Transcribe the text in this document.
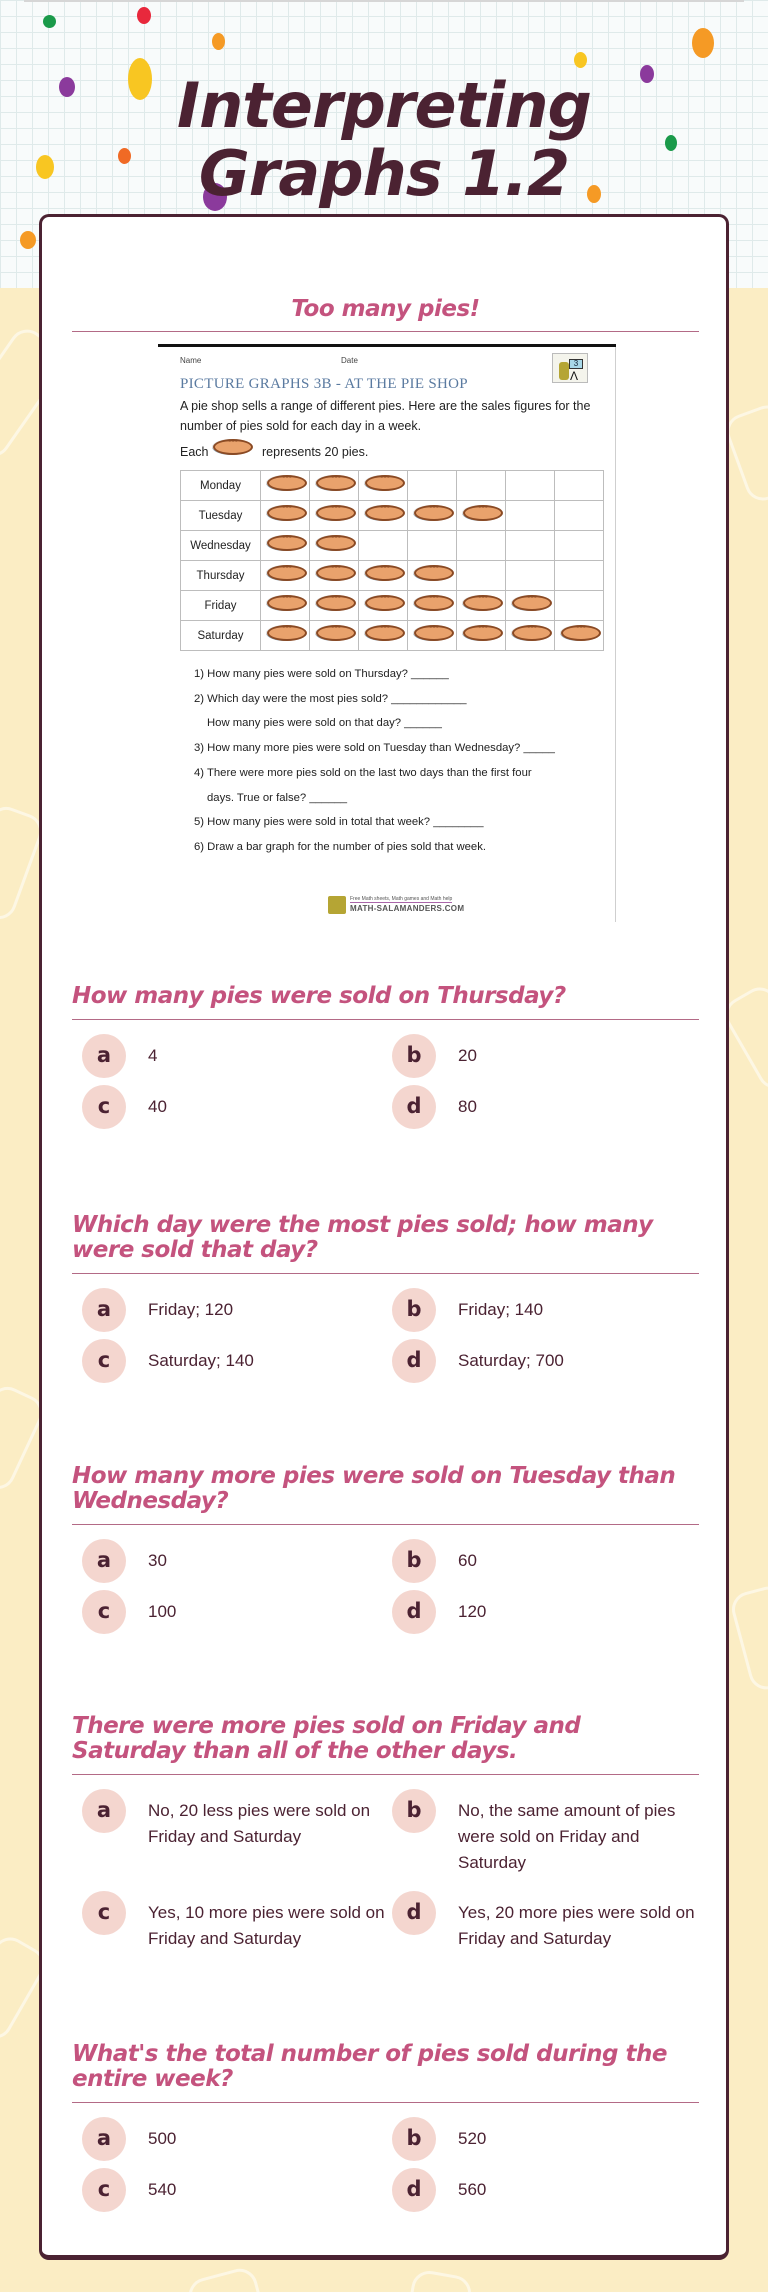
Interpreting
Graphs 1.2
Too many pies!
Name	Date	3
Λ
PICTURE GRAPHS 3B - AT THE PIE SHOP
A pie shop sells a range of different pies. Here are the sales figures for the number of pies sold for each day in a week.
Each ~~~	represents 20 pies.
Monday	~~~	~~~	~~~				
Tuesday	~~~	~~~	~~~	~~~	~~~		
Wednesday	~~~	~~~					
Thursday	~~~	~~~	~~~	~~~			
Friday	~~~	~~~	~~~	~~~	~~~	~~~	
Saturday	~~~	~~~	~~~	~~~	~~~	~~~	~~~
1) How many pies were sold on Thursday? ______
2) Which day were the most pies sold? ____________
How many pies were sold on that day? ______
3) How many more pies were sold on Tuesday than Wednesday? _____
4) There were more pies sold on the last two days than the first four
days. True or false? ______
5) How many pies were sold in total that week? ________
6) Draw a bar graph for the number of pies sold that week.
Free Math sheets, Math games and Math help
MATH-SALAMANDERS.COM
How many pies were sold on Thursday?
a	4	b	20
c	40	d	80
Which day were the most pies sold; how many were sold that day?
a	Friday; 120	b	Friday; 140
c	Saturday; 140	d	Saturday; 700
How many more pies were sold on Tuesday than Wednesday?
a	30	b	60
c	100	d	120
There were more pies sold on Friday and Saturday than all of the other days.
a	No, 20 less pies were sold on Friday and Saturday
b	No, the same amount of pies were sold on Friday and Saturday
c	Yes, 10 more pies were sold on Friday and Saturday
d	Yes, 20 more pies were sold on Friday and Saturday
What's the total number of pies sold during the entire week?
a	500	b	520
c	540	d	560
